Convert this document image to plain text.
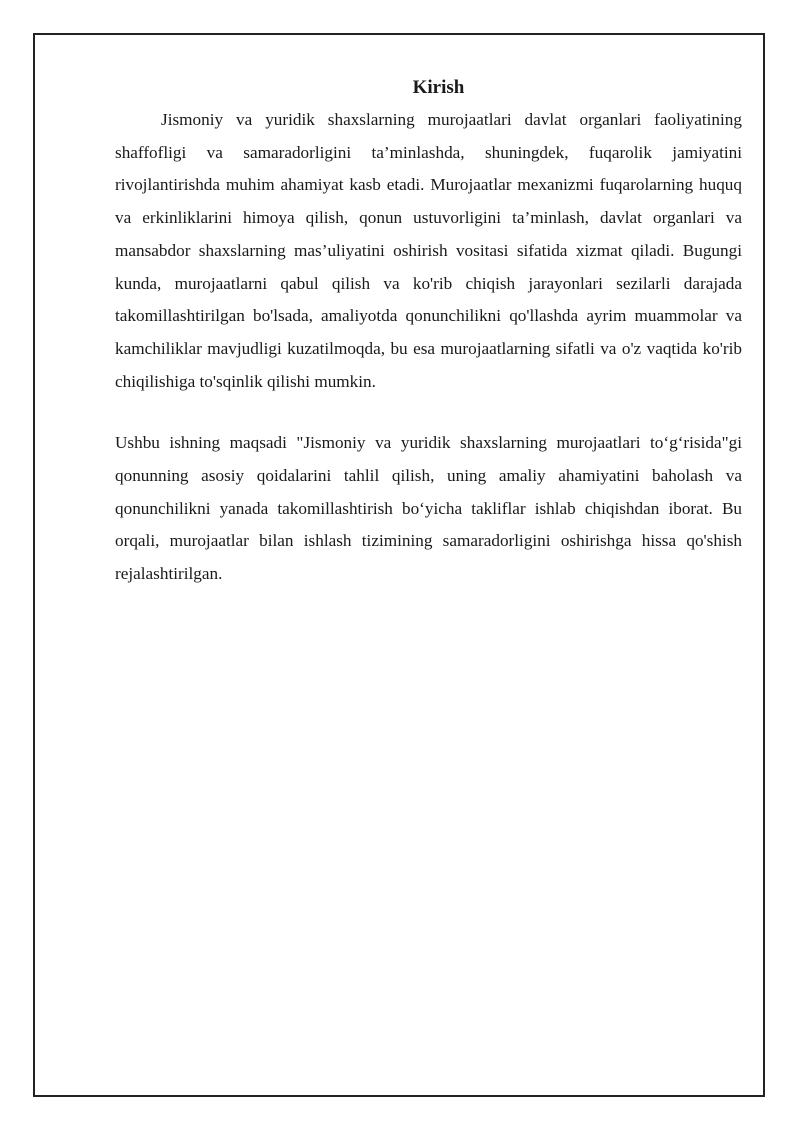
Kirish

Jismoniy va yuridik shaxslarning murojaatlari davlat organlari faoliyatining shaffofligi va samaradorligini ta’minlashda, shuningdek, fuqarolik jamiyatini rivojlantirishda muhim ahamiyat kasb etadi. Murojaatlar mexanizmi fuqarolarning huquq va erkinliklarini himoya qilish, qonun ustuvorligini ta’minlash, davlat organlari va mansabdor shaxslarning mas’uliyatini oshirish vositasi sifatida xizmat qiladi. Bugungi kunda, murojaatlarni qabul qilish va ko'rib chiqish jarayonlari sezilarli darajada takomillashtirilgan bo'lsada, amaliyotda qonunchilikni qo'llashda ayrim muammolar va kamchiliklar mavjudligi kuzatilmoqda, bu esa murojaatlarning sifatli va o'z vaqtida ko'rib chiqilishiga to'sqinlik qilishi mumkin.

Ushbu ishning maqsadi "Jismoniy va yuridik shaxslarning murojaatlari to‘g‘risida"gi qonunning asosiy qoidalarini tahlil qilish, uning amaliy ahamiyatini baholash va qonunchilikni yanada takomillashtirish bo‘yicha takliflar ishlab chiqishdan iborat. Bu orqali, murojaatlar bilan ishlash tizimining samaradorligini oshirishga hissa qo'shish rejalashtirilgan.
